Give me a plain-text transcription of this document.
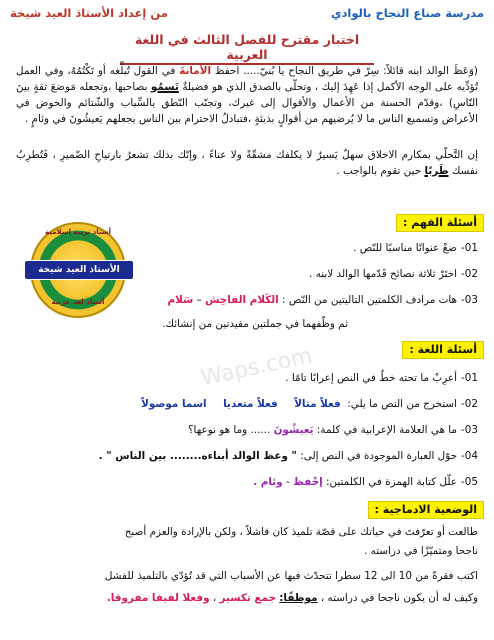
مدرسة صناع النجاح بالوادي
من إعداد الأستاذ العيد شيخة
اختبار مقترح للفصل الثالث في اللغة العربية
(وَعَظَ الوالد ابنه قائلاً: سِرْ في طريق النجاح يا بُنيّ..... احفظ الأمانةَ في القول تُبلِّغه أو تَكْتُمُهُ، وفي العمل تُؤدِّيه على الوجه الأكمل إذا عَهِدَ إليك ، وتحلّى بالصدق الذي هو فضيلةٌ تَسمُو بصاحبها ،وتجعله مَوضعَ ثقةٍ بينَ النّاسِ) ،وقدّم الحسنة من الأعمال والأقوال إلى غيرك، وتجنّب النّطق بالسِّباب والشّتائم والخوض في الأعراض وتسميع الناس ما لا يُرضيهم من أقوالٍ بذيئةٍ ،فتبادلُ الاحترام بين الناس يجعلهم يَعيشُونَ في وئامٍ .
إن التَّحلّي بمكارم الاخلاق سهلٌ يَسيرٌ لا يكلفك مشقّةً ولا عناءً ، وإنّك بذلك تشعرُ بارتياحِ الضّميرِ ، فَتُطرِبُ نفسك طَربًا حين تقوم بالواجب .
أسئلة الفهم :
أستاذ تربية إسلامية
الأستاذ العيد شيخة
أستاذ لغة عربية
01-ضعْ عنوانًا مناسبًا للنّص .
02-اختَرْ ثلاثة نصائح قَدّمها الوالد لابنه .
03-هات مرادف الكلمتين التاليتين من النّص : الكَلام الفاحِش – سَلام
ثم وظّفهما في جملتين مفيدتين من إنشائك.
Waps.com	أسئلة اللغة :
01-أعرِبْ ما تحته خطٌ في النص إعرابًا تامًا .
02-استخرج من النص ما يلي:  فعلاً مثالاً     فعلاً متعديا     اسما موصولاً
03-ما هي العلامة الإعرابية في كلمة: يَعيشُونَ ...... وما هو نوعها؟
04-حوّل العبارة الموجودة في النص إلى: " وعظ الوالد أبناءه........ بين الناس " .
05-علّل كتابة الهمزة في الكلمتين: إحْفظ - وئام .
الوضعية الادماجية :
طالعت أو تعرّفتَ في حياتك على قصّة تلميذ كان فاشلاً ، ولكن بالإرادة والعزم أصبح
ناجحا ومتميّزًا في دراسته .
اكتب فقرةً من 10 الى 12 سطرا تتحدّث فيها عن الأسباب التي قد تُؤدّي بالتلميذ للفشل
وكيف له أن يكون ناجحا في دراسته ، موظفًا: جمع تكسير ، وفعلا لفيفا مفروقا.
